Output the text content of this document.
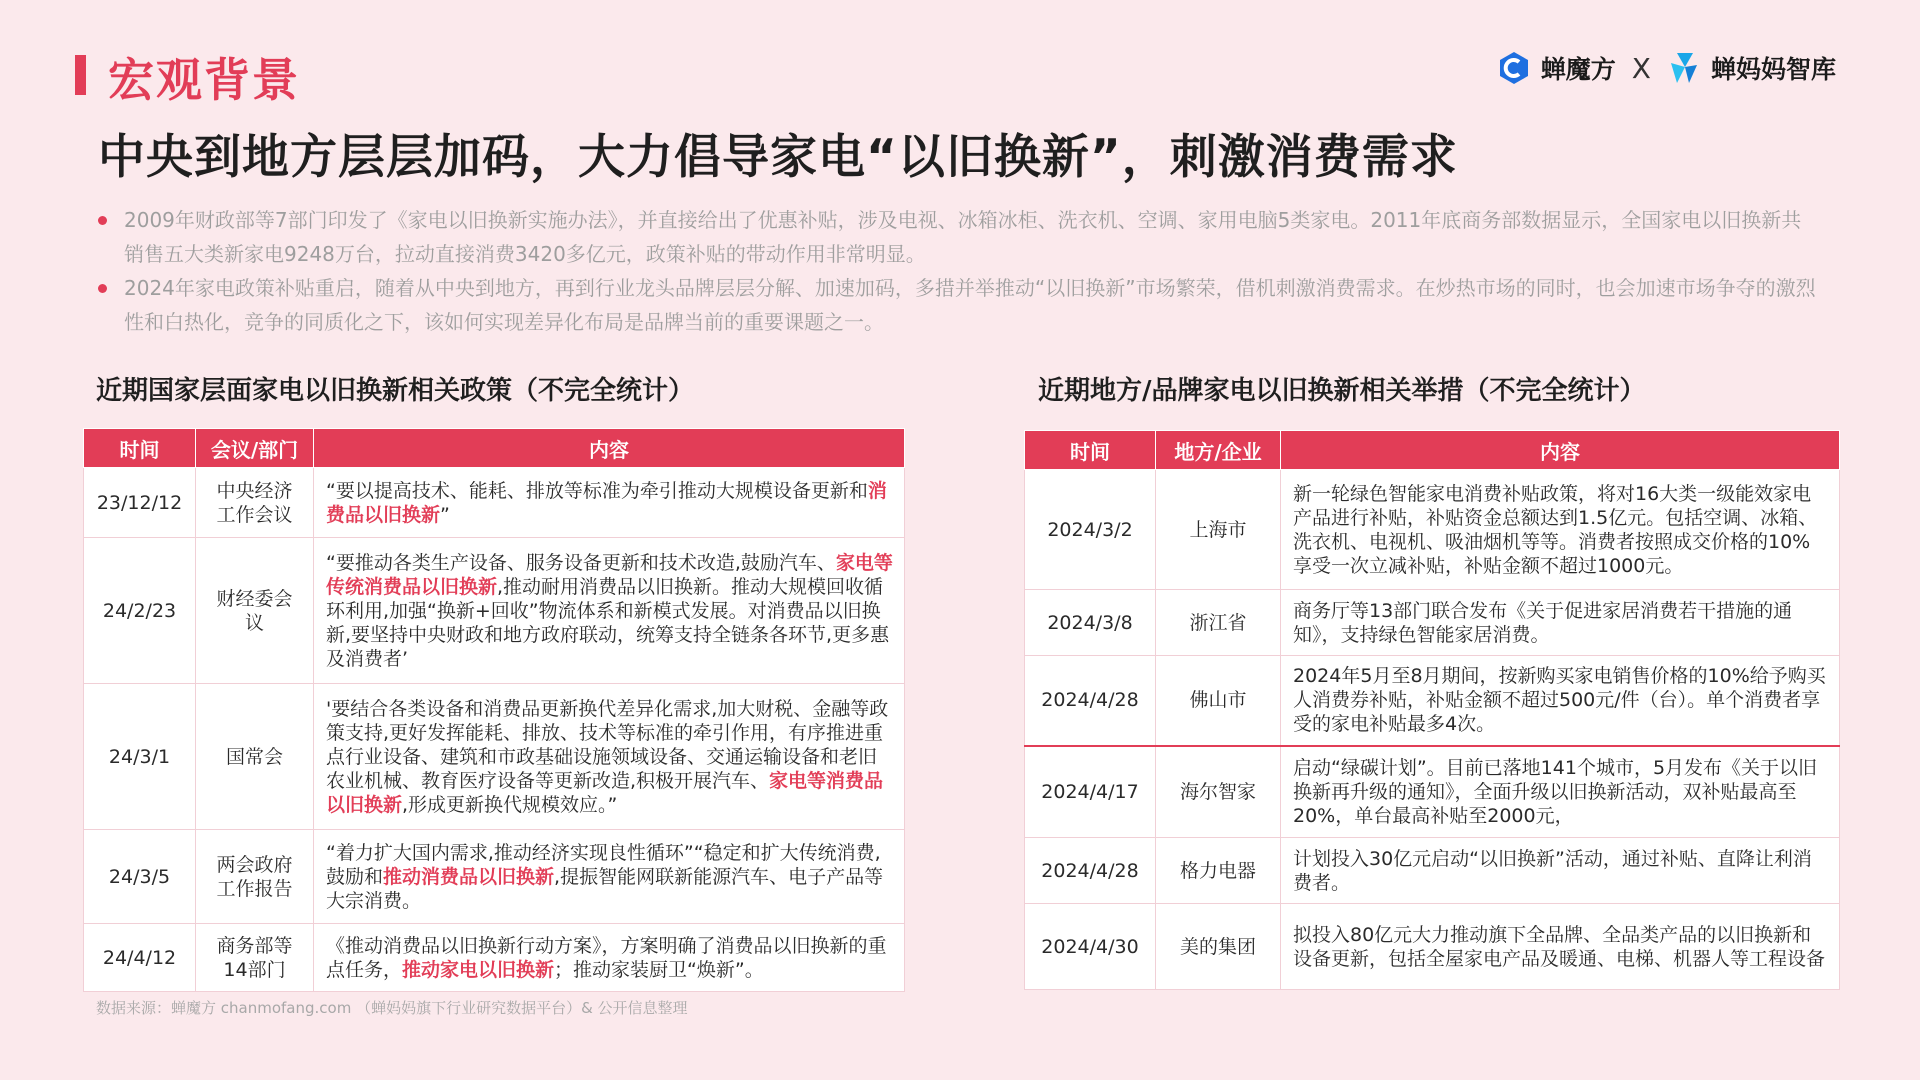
宏观背景	蝉魔方 X 蝉妈妈智库
中央到地方层层加码，大力倡导家电“以旧换新”，刺激消费需求
2009年财政部等7部门印发了《家电以旧换新实施办法》，并直接给出了优惠补贴，涉及电视、冰箱冰柜、洗衣机、空调、家用电脑5类家电。2011年底商务部数据显示，全国家电以旧换新共销售五大类新家电9248万台，拉动直接消费3420多亿元，政策补贴的带动作用非常明显。
2024年家电政策补贴重启，随着从中央到地方，再到行业龙头品牌层层分解、加速加码，多措并举推动“以旧换新”市场繁荣，借机刺激消费需求。在炒热市场的同时，也会加速市场争夺的激烈性和白热化，竞争的同质化之下，该如何实现差异化布局是品牌当前的重要课题之一。
近期国家层面家电以旧换新相关政策（不完全统计）
时间	会议/部门	内容
23/12/12	中央经济工作会议	“要以提高技术、能耗、排放等标准为牵引推动大规模设备更新和消费品以旧换新”
24/2/23	财经委会议	“要推动各类生产设备、服务设备更新和技术改造,鼓励汽车、家电等传统消费品以旧换新,推动耐用消费品以旧换新。推动大规模回收循环利用,加强“换新+回收”物流体系和新模式发展。对消费品以旧换新,要坚持中央财政和地方政府联动，统筹支持全链条各环节,更多惠及消费者’
24/3/1	国常会	'要结合各类设备和消费品更新换代差异化需求,加大财税、金融等政策支持,更好发挥能耗、排放、技术等标准的牵引作用，有序推进重点行业设备、建筑和市政基础设施领域设备、交通运输设备和老旧农业机械、教育医疗设备等更新改造,积极开展汽车、家电等消费品以旧换新,形成更新换代规模效应。”
24/3/5	两会政府工作报告	“着力扩大国内需求,推动经济实现良性循环”“稳定和扩大传统消费,鼓励和推动消费品以旧换新,提振智能网联新能源汽车、电子产品等大宗消费。
24/4/12	商务部等14部门	《推动消费品以旧换新行动方案》，方案明确了消费品以旧换新的重点任务，推动家电以旧换新；推动家装厨卫“焕新”。
近期地方/品牌家电以旧换新相关举措（不完全统计）
时间	地方/企业	内容
2024/3/2	上海市	新一轮绿色智能家电消费补贴政策，将对16大类一级能效家电产品进行补贴，补贴资金总额达到1.5亿元。包括空调、冰箱、洗衣机、电视机、吸油烟机等等。消费者按照成交价格的10%享受一次立减补贴，补贴金额不超过1000元。
2024/3/8	浙江省	商务厅等13部门联合发布《关于促进家居消费若干措施的通知》，支持绿色智能家居消费。
2024/4/28	佛山市	2024年5月至8月期间，按新购买家电销售价格的10%给予购买人消费券补贴，补贴金额不超过500元/件（台）。单个消费者享受的家电补贴最多4次。
2024/4/17	海尔智家	启动“绿碳计划”。目前已落地141个城市，5月发布《关于以旧换新再升级的通知》，全面升级以旧换新活动，双补贴最高至20%，单台最高补贴至2000元，
2024/4/28	格力电器	计划投入30亿元启动“以旧换新”活动，通过补贴、直降让利消费者。
2024/4/30	美的集团	拟投入80亿元大力推动旗下全品牌、全品类产品的以旧换新和设备更新，包括全屋家电产品及暖通、电梯、机器人等工程设备
数据来源：蝉魔方 chanmofang.com （蝉妈妈旗下行业研究数据平台）& 公开信息整理
